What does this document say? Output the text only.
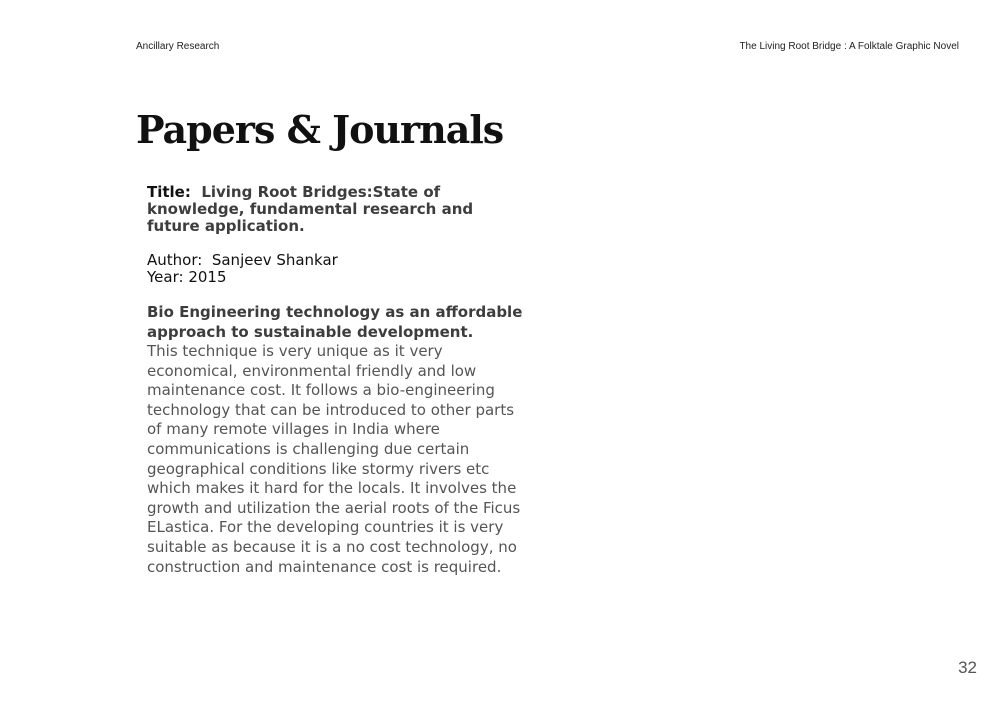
Ancillary Research	The Living Root Bridge : A Folktale Graphic Novel
Papers & Journals

Title: Living Root Bridges:State of knowledge, fundamental research and future application.

Author: Sanjeev Shankar
Year: 2015
Bio Engineering technology as an affordable approach to sustainable development.

This technique is very unique as it very economical, environmental friendly and low maintenance cost. It follows a bio-engineering technology that can be introduced to other parts of many remote villages in India where communications is challenging due certain geographical conditions like stormy rivers etc which makes it hard for the locals. It involves the growth and utilization the aerial roots of the Ficus ELastica. For the developing countries it is very suitable as because it is a no cost technology, no construction and maintenance cost is required.

32
